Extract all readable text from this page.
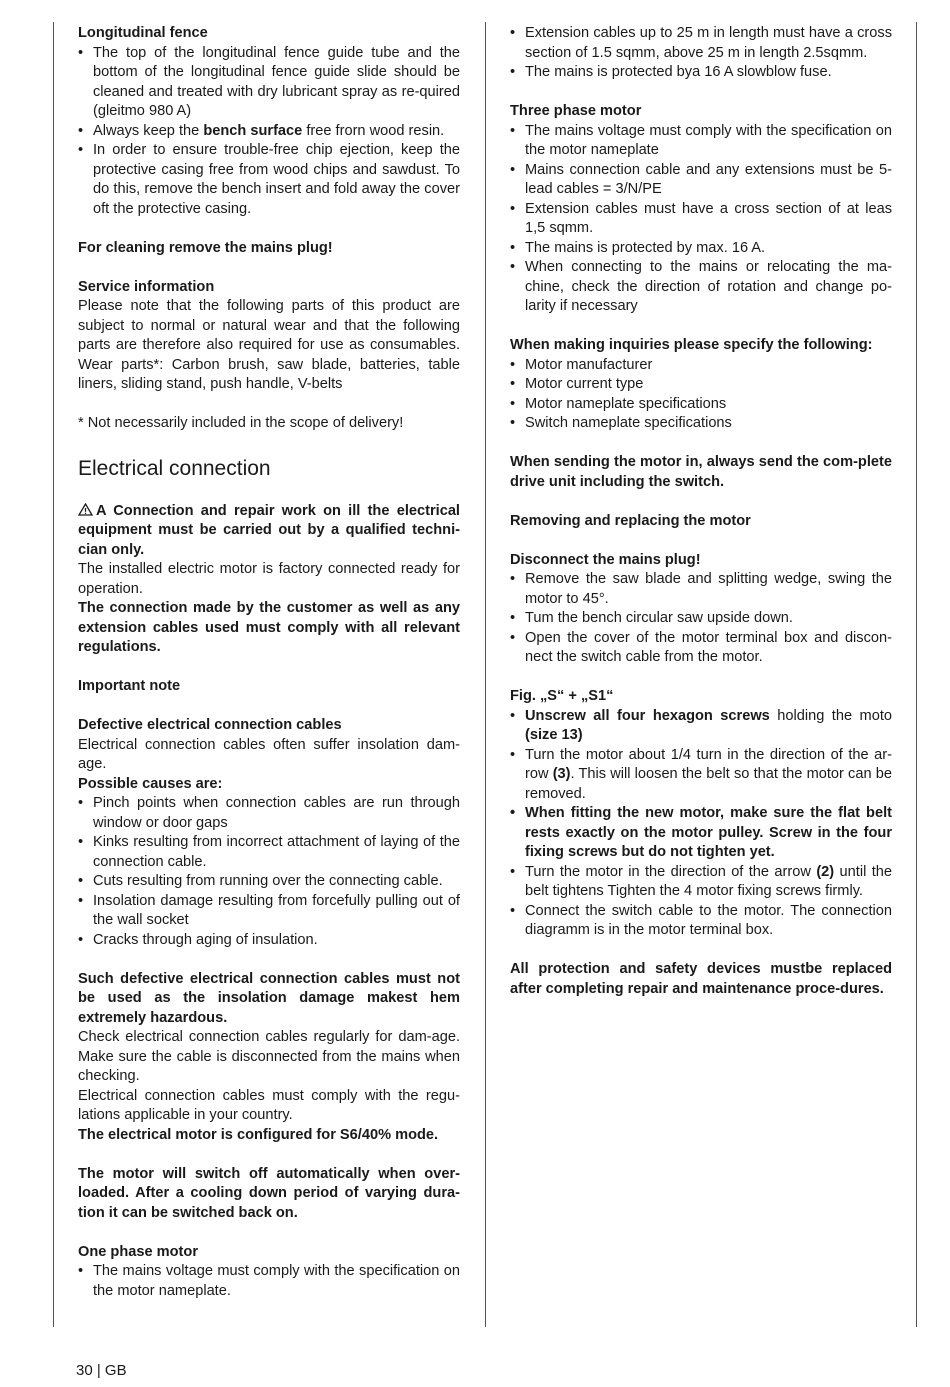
Longitudinal fence

• The top of the longitudinal fence guide tube and the bottom of the longitudinal fence guide slide should be cleaned and treated with dry lubricant spray as re-quired (gleitmo 980 A)
• Always keep the bench surface free frorn wood resin.
• In order to ensure trouble-free chip ejection, keep the protective casing free from wood chips and sawdust. To do this, remove the bench insert and fold away the cover oft the protective casing.

For cleaning remove the mains plug!

Service information

Please note that the following parts of this product are subject to normal or natural wear and that the following parts are therefore also required for use as consumables. Wear parts*: Carbon brush, saw blade, batteries, table liners, sliding stand, push handle, V-belts

* Not necessarily included in the scope of delivery!

Electrical connection

A Connection and repair work on ill the electrical equipment must be carried out by a qualified techni-cian only.

The installed electric motor is factory connected ready for operation.

The connection made by the customer as well as any extension cables used must comply with all relevant regulations.

Important note

Defective electrical connection cables

Electrical connection cables often suffer insolation dam-age.

Possible causes are:

• Pinch points when connection cables are run through window or door gaps
• Kinks resulting from incorrect attachment of laying of the connection cable.
• Cuts resulting from running over the connecting cable.
• Insolation damage resulting from forcefully pulling out of the wall socket
• Cracks through aging of insulation.

Such defective electrical connection cables must not be used as the insolation damage makest hem extremely hazardous.

Check electrical connection cables regularly for dam-age. Make sure the cable is disconnected from the mains when checking.

Electrical connection cables must comply with the regu-lations applicable in your country.

The electrical motor is configured for S6/40% mode.

The motor will switch off automatically when over-loaded. After a cooling down period of varying dura-tion it can be switched back on.

One phase motor

• The mains voltage must comply with the specification on the motor nameplate.
• Extension cables up to 25 m in length must have a cross section of 1.5 sqmm, above 25 m in length 2.5sqmm.
• The mains is protected bya 16 A slowblow fuse.

Three phase motor

• The mains voltage must comply with the specification on the motor nameplate
• Mains connection cable and any extensions must be 5-lead cables = 3/N/PE
• Extension cables must have a cross section of at leas 1,5 sqmm.
• The mains is protected by max. 16 A.
• When connecting to the mains or relocating the ma-chine, check the direction of rotation and change po-larity if necessary

When making inquiries please specify the following:

• Motor manufacturer
• Motor current type
• Motor nameplate specifications
• Switch nameplate specifications

When sending the motor in, always send the com-plete drive unit including the switch.

Removing and replacing the motor

Disconnect the mains plug!

• Remove the saw blade and splitting wedge, swing the motor to 45°.
• Tum the bench circular saw upside down.
• Open the cover of the motor terminal box and discon-nect the switch cable from the motor.

Fig. „S“ + „S1“

• Unscrew all four hexagon screws holding the moto (size 13)
• Turn the motor about 1/4 turn in the direction of the ar-row (3). This will loosen the belt so that the motor can be removed.
• When fitting the new motor, make sure the flat belt rests exactly on the motor pulley. Screw in the four fixing screws but do not tighten yet.
• Turn the motor in the direction of the arrow (2) until the belt tightens Tighten the 4 motor fixing screws firmly.
• Connect the switch cable to the motor. The connection diagramm is in the motor terminal box.

All protection and safety devices mustbe replaced after completing repair and maintenance proce-dures.

30 | GB
